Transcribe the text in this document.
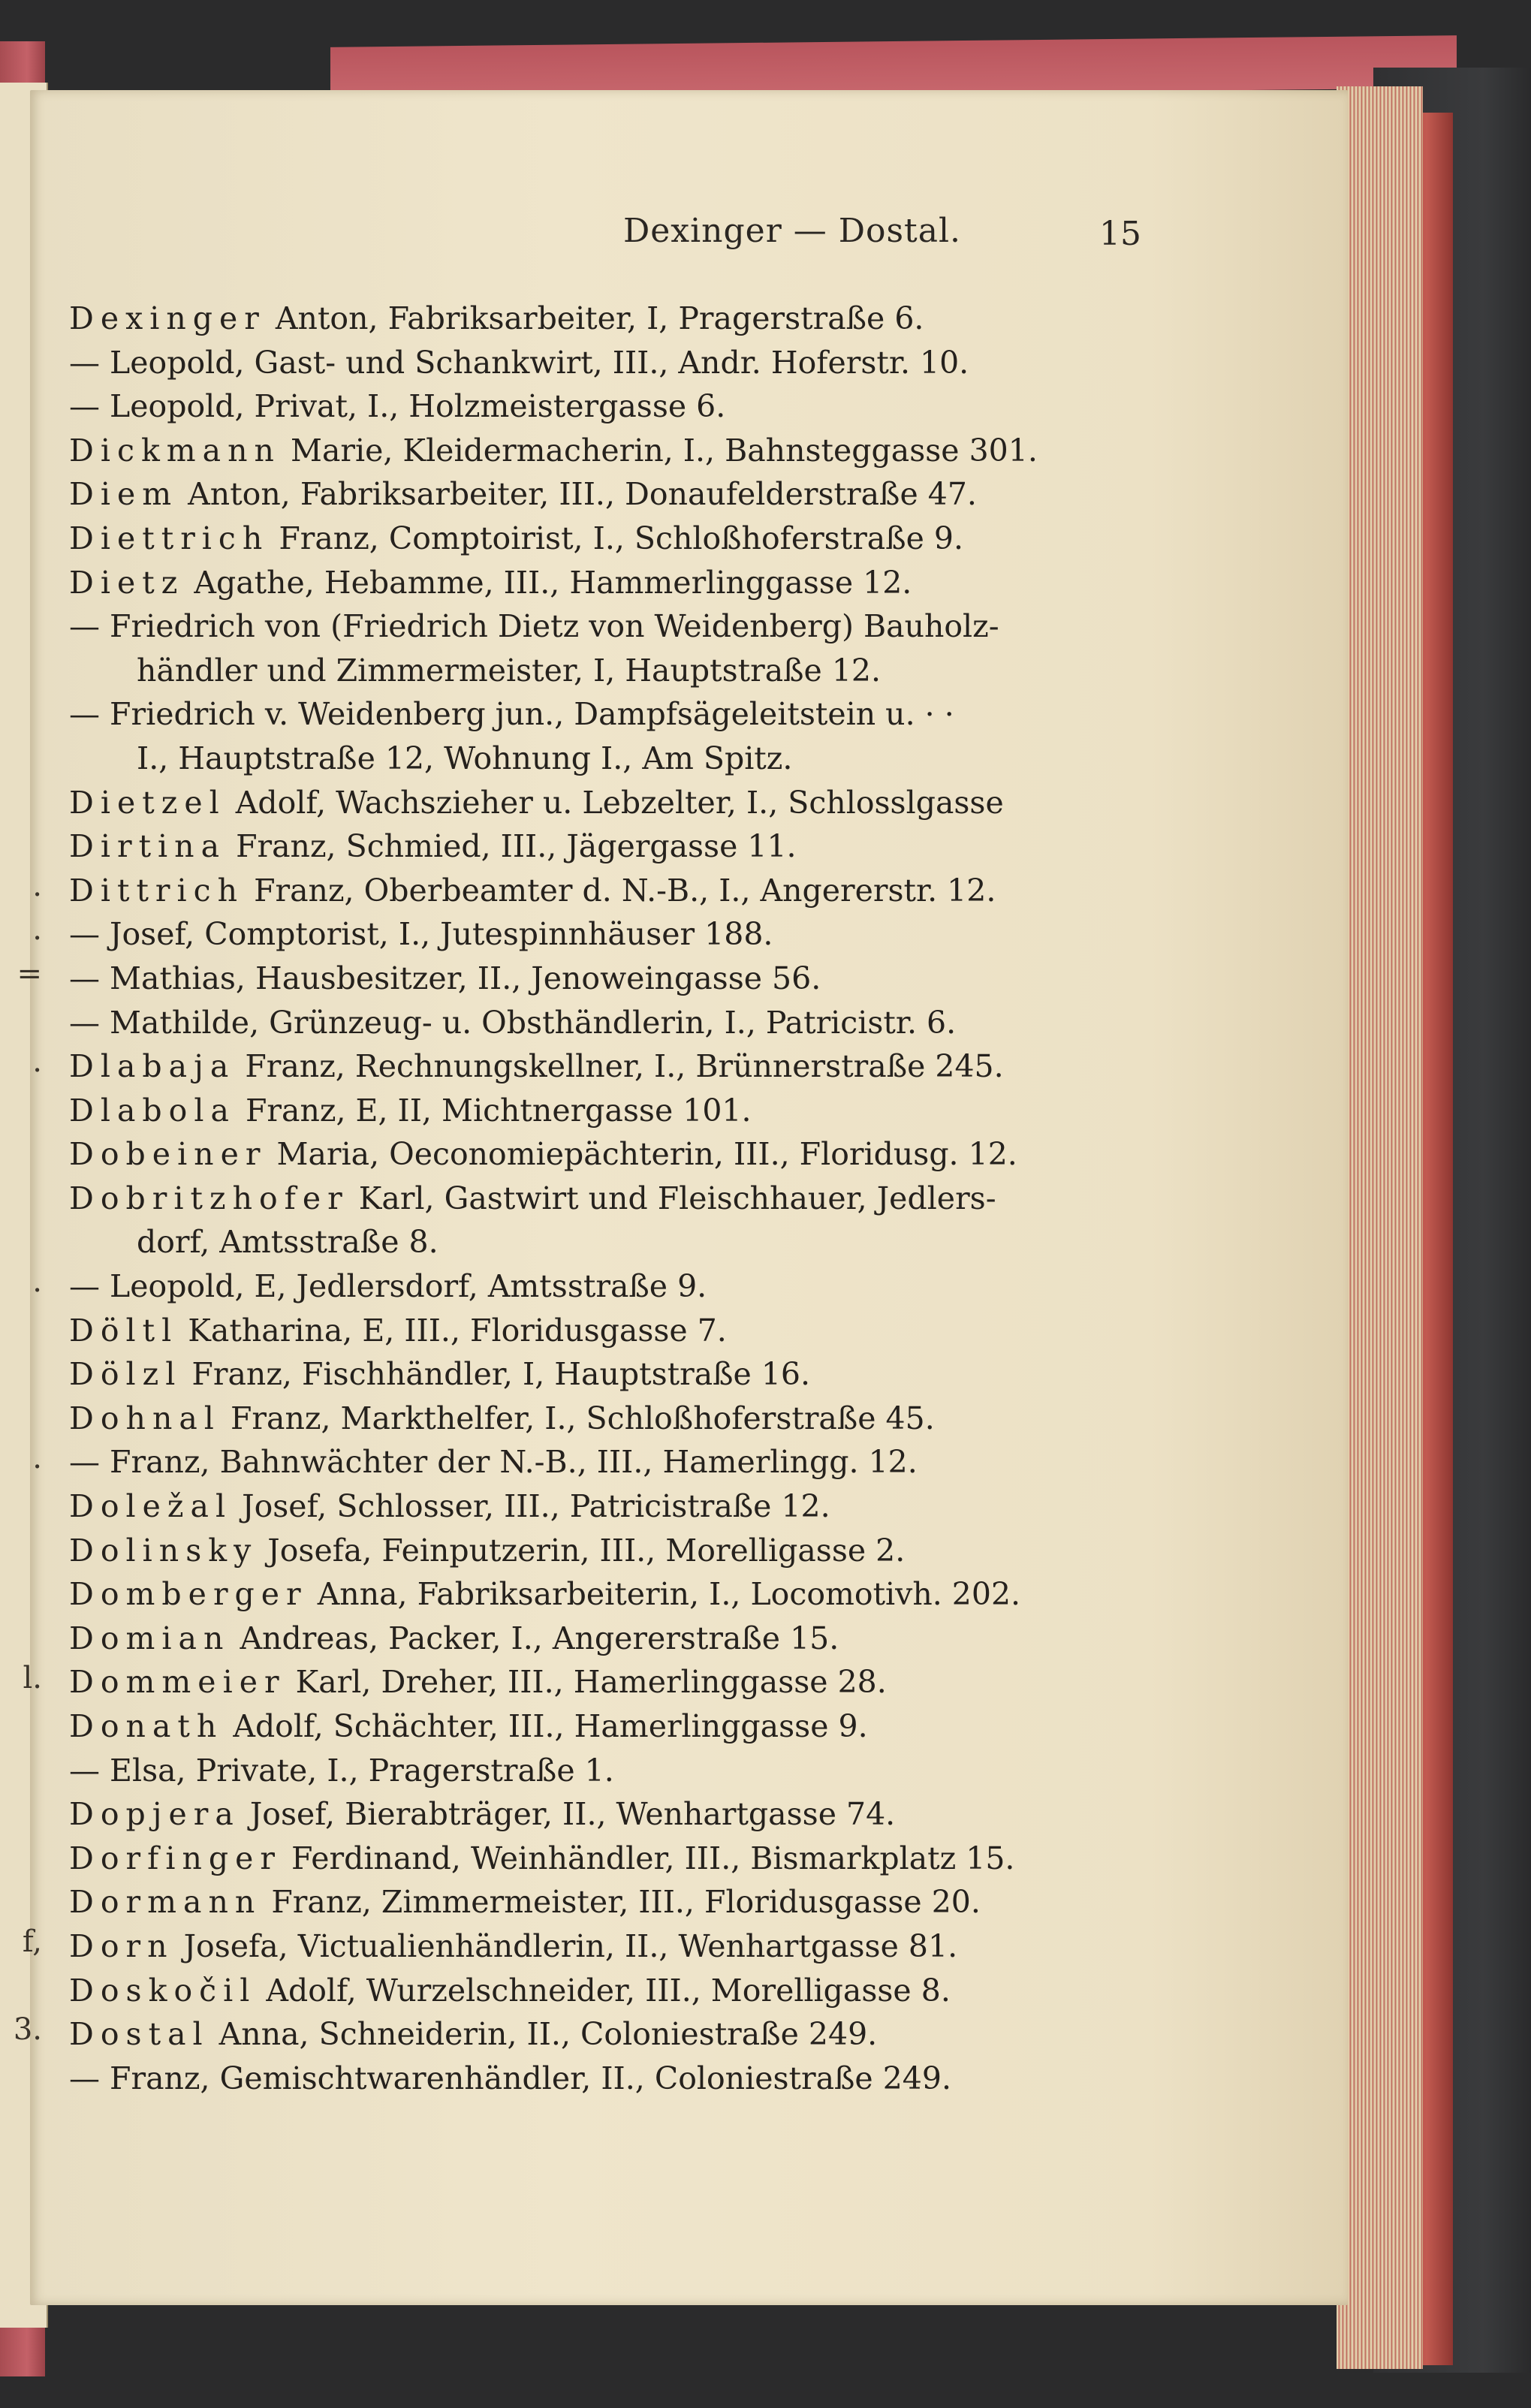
Dexinger — Dostal.	15
Dexinger Anton, Fabriksarbeiter, I, Pragerstraße 6.
— Leopold, Gast- und Schankwirt, III., Andr. Hoferstr. 10.
— Leopold, Privat, I., Holzmeistergasse 6.
Dickmann Marie, Kleidermacherin, I., Bahnsteggasse 301.
Diem Anton, Fabriksarbeiter, III., Donaufelderstraße 47.
Diettrich Franz, Comptoirist, I., Schloßhoferstraße 9.
Dietz Agathe, Hebamme, III., Hammerlinggasse 12.
— Friedrich von (Friedrich Dietz von Weidenberg) Bauholz-
händler und Zimmermeister, I, Hauptstraße 12.
— Friedrich v. Weidenberg jun., Dampfsägeleitstein u. · ·
I., Hauptstraße 12, Wohnung I., Am Spitz.
Dietzel Adolf, Wachszieher u. Lebzelter, I., Schlosslgasse
Dirtina Franz, Schmied, III., Jägergasse 11.
Dittrich Franz, Oberbeamter d. N.-B., I., Angererstr. 12.
— Josef, Comptorist, I., Jutespinnhäuser 188.
— Mathias, Hausbesitzer, II., Jenoweingasse 56.
— Mathilde, Grünzeug- u. Obsthändlerin, I., Patricistr. 6.
Dlabaja Franz, Rechnungskellner, I., Brünnerstraße 245.
Dlabola Franz, E, II, Michtnergasse 101.
Dobeiner Maria, Oeconomiepächterin, III., Floridusg. 12.
Dobritzhofer Karl, Gastwirt und Fleischhauer, Jedlers-
dorf, Amtsstraße 8.
— Leopold, E, Jedlersdorf, Amtsstraße 9.
Döltl Katharina, E, III., Floridusgasse 7.
Dölzl Franz, Fischhändler, I, Hauptstraße 16.
Dohnal Franz, Markthelfer, I., Schloßhoferstraße 45.
— Franz, Bahnwächter der N.-B., III., Hamerlingg. 12.
Doležal Josef, Schlosser, III., Patricistraße 12.
Dolinsky Josefa, Feinputzerin, III., Morelligasse 2.
Domberger Anna, Fabriksarbeiterin, I., Locomotivh. 202.
Domian Andreas, Packer, I., Angererstraße 15.
Dommeier Karl, Dreher, III., Hamerlinggasse 28.
Donath Adolf, Schächter, III., Hamerlinggasse 9.
— Elsa, Private, I., Pragerstraße 1.
Dopjera Josef, Bierabträger, II., Wenhartgasse 74.
Dorfinger Ferdinand, Weinhändler, III., Bismarkplatz 15.
Dormann Franz, Zimmermeister, III., Floridusgasse 20.
Dorn Josefa, Victualienhändlerin, II., Wenhartgasse 81.
Doskočil Adolf, Wurzelschneider, III., Morelligasse 8.
Dostal Anna, Schneiderin, II., Coloniestraße 249.
— Franz, Gemischtwarenhändler, II., Coloniestraße 249.
.
.
=
.
.
.
l.
f,
3.
